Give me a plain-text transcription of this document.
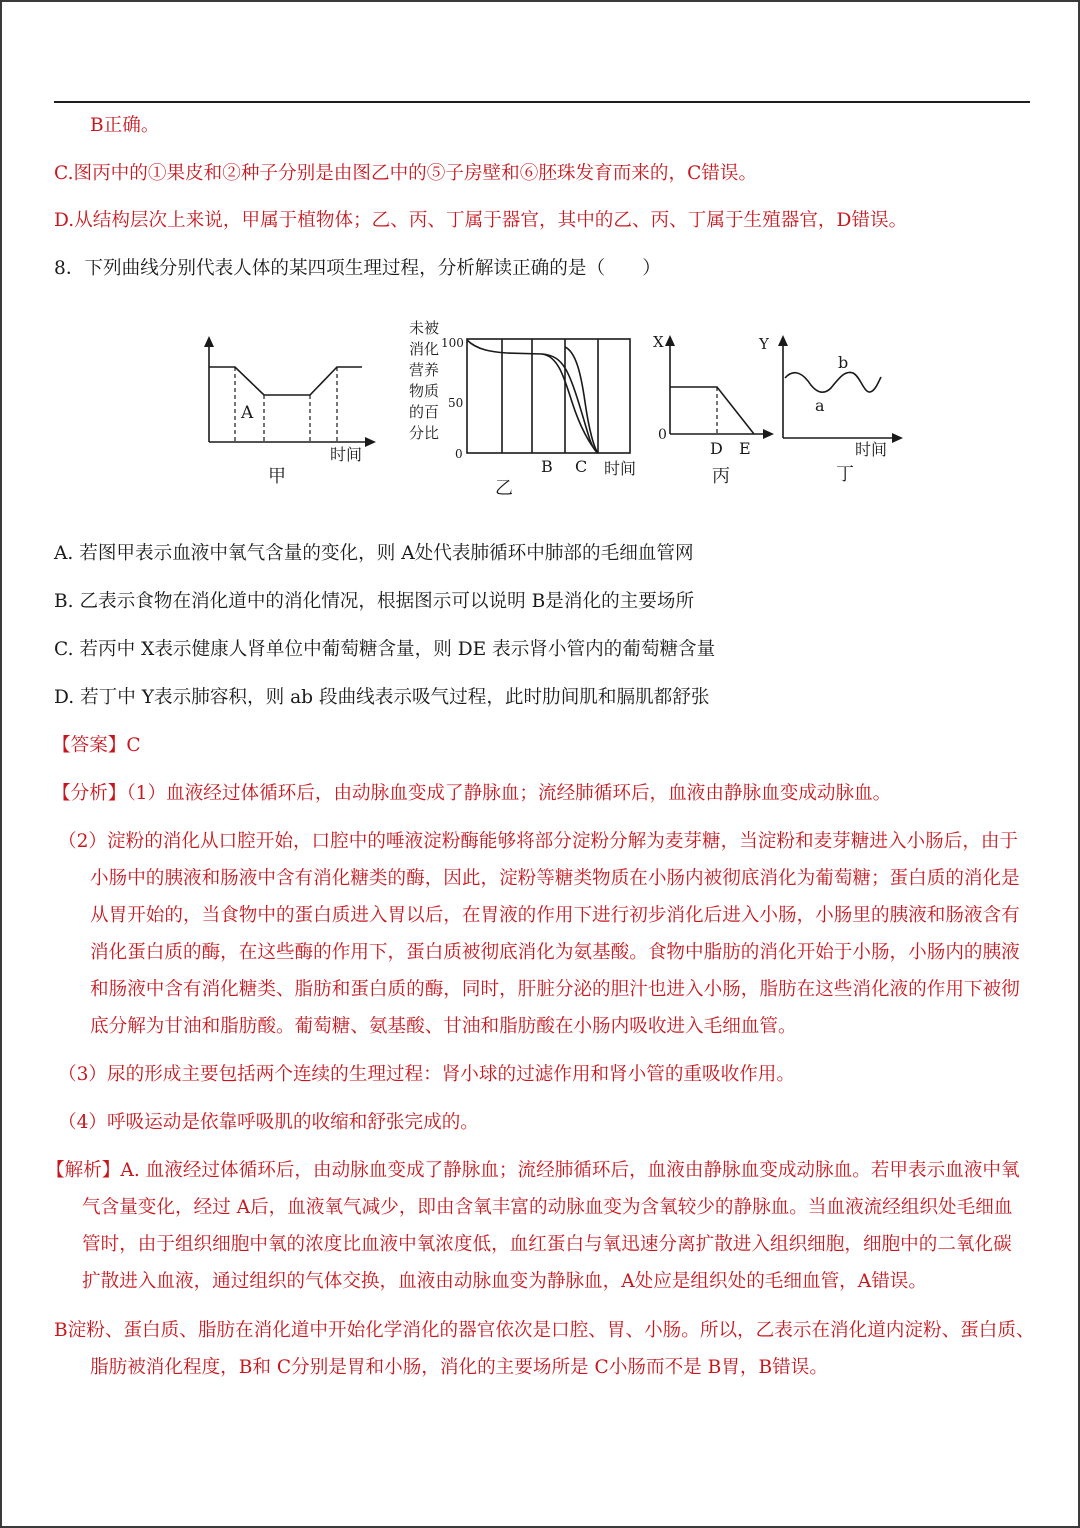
B正确。
C.图丙中的①果皮和②种子分别是由图乙中的⑤子房壁和⑥胚珠发育而来的，C错误。
D.从结构层次上来说，甲属于植物体；乙、丙、丁属于器官，其中的乙、丙、丁属于生殖器官，D错误。
8．下列曲线分别代表人体的某四项生理过程，分析解读正确的是（　　）
A
时间
甲
未被
消化
营养
物质
的百
分比
100
50
0
B C 时间
乙
X
0
D E
丙
Y
b
a
时间
丁
A. 若图甲表示血液中氧气含量的变化，则 A处代表肺循环中肺部的毛细血管网
B. 乙表示食物在消化道中的消化情况，根据图示可以说明 B是消化的主要场所
C. 若丙中 X表示健康人肾单位中葡萄糖含量，则 DE 表示肾小管内的葡萄糖含量
D. 若丁中 Y表示肺容积，则 ab 段曲线表示吸气过程，此时肋间肌和膈肌都舒张
【答案】C
【分析】（1）血液经过体循环后，由动脉血变成了静脉血；流经肺循环后，血液由静脉血变成动脉血。
（2）淀粉的消化从口腔开始，口腔中的唾液淀粉酶能够将部分淀粉分解为麦芽糖，当淀粉和麦芽糖进入小肠后，由于
小肠中的胰液和肠液中含有消化糖类的酶，因此，淀粉等糖类物质在小肠内被彻底消化为葡萄糖；蛋白质的消化是
从胃开始的，当食物中的蛋白质进入胃以后，在胃液的作用下进行初步消化后进入小肠，小肠里的胰液和肠液含有
消化蛋白质的酶，在这些酶的作用下，蛋白质被彻底消化为氨基酸。食物中脂肪的消化开始于小肠，小肠内的胰液
和肠液中含有消化糖类、脂肪和蛋白质的酶，同时，肝脏分泌的胆汁也进入小肠，脂肪在这些消化液的作用下被彻
底分解为甘油和脂肪酸。葡萄糖、氨基酸、甘油和脂肪酸在小肠内吸收进入毛细血管。
（3）尿的形成主要包括两个连续的生理过程：肾小球的过滤作用和肾小管的重吸收作用。
（4）呼吸运动是依靠呼吸肌的收缩和舒张完成的。
【解析】A. 血液经过体循环后，由动脉血变成了静脉血；流经肺循环后，血液由静脉血变成动脉血。若甲表示血液中氧
气含量变化，经过 A后，血液氧气减少，即由含氧丰富的动脉血变为含氧较少的静脉血。当血液流经组织处毛细血
管时，由于组织细胞中氧的浓度比血液中氧浓度低，血红蛋白与氧迅速分离扩散进入组织细胞，细胞中的二氧化碳
扩散进入血液，通过组织的气体交换，血液由动脉血变为静脉血，A处应是组织处的毛细血管，A错误。
B淀粉、蛋白质、脂肪在消化道中开始化学消化的器官依次是口腔、胃、小肠。所以，乙表示在消化道内淀粉、蛋白质、
脂肪被消化程度，B和 C分别是胃和小肠，消化的主要场所是 C小肠而不是 B胃，B错误。
